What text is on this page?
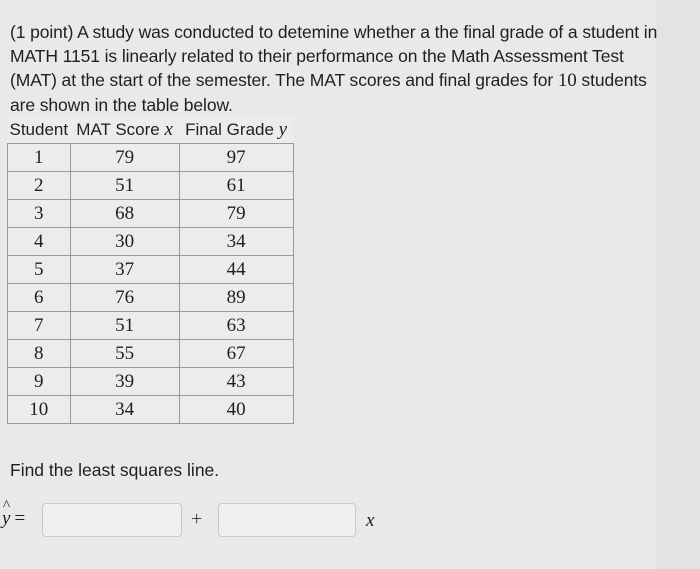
(1 point) A study was conducted to detemine whether a the final grade of a student in MATH 1151 is linearly related to their performance on the Math Assessment Test (MAT) at the start of the semester. The MAT scores and final grades for 10 students are shown in the table below.
Student	MAT Score x	Final Grade y
1	79	97
2	51	61
3	68	79
4	30	34
5	37	44
6	76	89
7	51	63
8	55	67
9	39	43
10	34	40
Find the least squares line.
y ^ =	+	x
